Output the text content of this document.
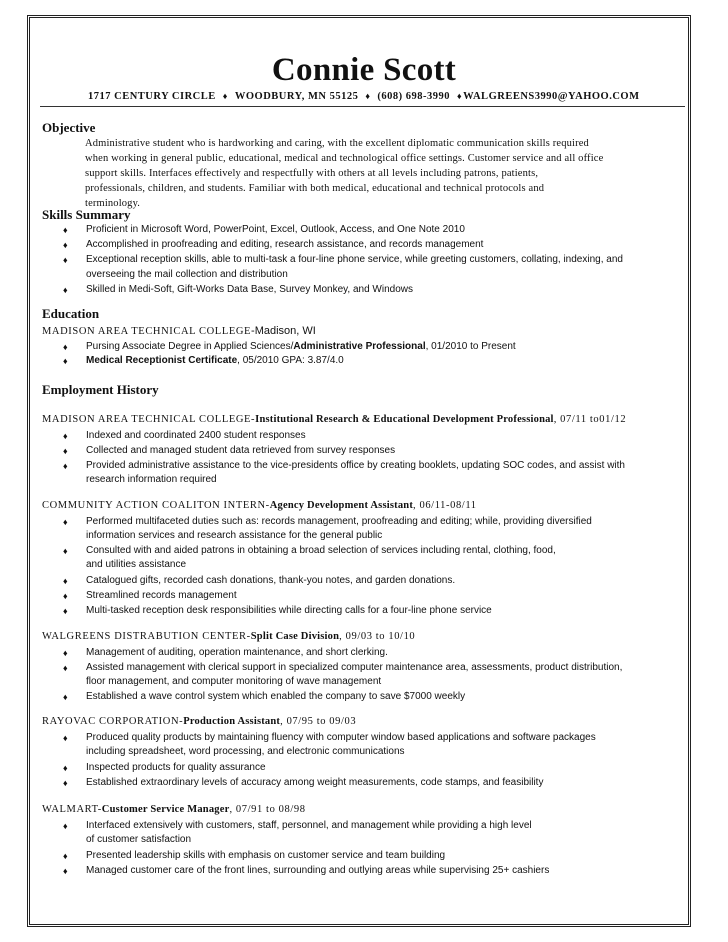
Connie Scott
1717 CENTURY CIRCLE ♦ WOODBURY, MN 55125 ♦ (608) 698-3990 ♦WALGREENS3990@YAHOO.COM
Objective
Administrative student who is hardworking and caring, with the excellent diplomatic communication skills required
when working in general public, educational, medical and technological office settings. Customer service and all office
support skills. Interfaces effectively and respectfully with others at all levels including patrons, patients,
professionals, children, and students. Familiar with both medical, educational and technical protocols and
terminology.
Skills Summary
♦ Proficient in Microsoft Word, PowerPoint, Excel, Outlook, Access, and One Note 2010
♦ Accomplished in proofreading and editing, research assistance, and records management
♦ Exceptional reception skills, able to multi-task a four-line phone service, while greeting customers, collating, indexing, and
overseeing the mail collection and distribution
♦ Skilled in Medi-Soft, Gift-Works Data Base, Survey Monkey, and Windows
Education
MADISON AREA TECHNICAL COLLEGE-Madison, WI
♦ Pursing Associate Degree in Applied Sciences/Administrative Professional, 01/2010 to Present
♦ Medical Receptionist Certificate, 05/2010 GPA: 3.87/4.0
Employment History
MADISON AREA TECHNICAL COLLEGE-Institutional Research & Educational Development Professional, 07/11 to01/12
♦ Indexed and coordinated 2400 student responses
♦ Collected and managed student data retrieved from survey responses
♦ Provided administrative assistance to the vice-presidents office by creating booklets, updating SOC codes, and assist with
research information required
COMMUNITY ACTION COALITON INTERN-Agency Development Assistant, 06/11-08/11
♦ Performed multifaceted duties such as: records management, proofreading and editing; while, providing diversified
information services and research assistance for the general public
♦ Consulted with and aided patrons in obtaining a broad selection of services including rental, clothing, food,
and utilities assistance
♦ Catalogued gifts, recorded cash donations, thank-you notes, and garden donations.
♦ Streamlined records management
♦ Multi-tasked reception desk responsibilities while directing calls for a four-line phone service
WALGREENS DISTRABUTION CENTER-Split Case Division, 09/03 to 10/10
♦ Management of auditing, operation maintenance, and short clerking.
♦ Assisted management with clerical support in specialized computer maintenance area, assessments, product distribution,
floor management, and computer monitoring of wave management
♦ Established a wave control system which enabled the company to save $7000 weekly
RAYOVAC CORPORATION-Production Assistant, 07/95 to 09/03
♦ Produced quality products by maintaining fluency with computer window based applications and software packages
including spreadsheet, word processing, and electronic communications
♦ Inspected products for quality assurance
♦ Established extraordinary levels of accuracy among weight measurements, code stamps, and feasibility
WALMART-Customer Service Manager, 07/91 to 08/98
♦ Interfaced extensively with customers, staff, personnel, and management while providing a high level
of customer satisfaction
♦ Presented leadership skills with emphasis on customer service and team building
♦ Managed customer care of the front lines, surrounding and outlying areas while supervising 25+ cashiers
